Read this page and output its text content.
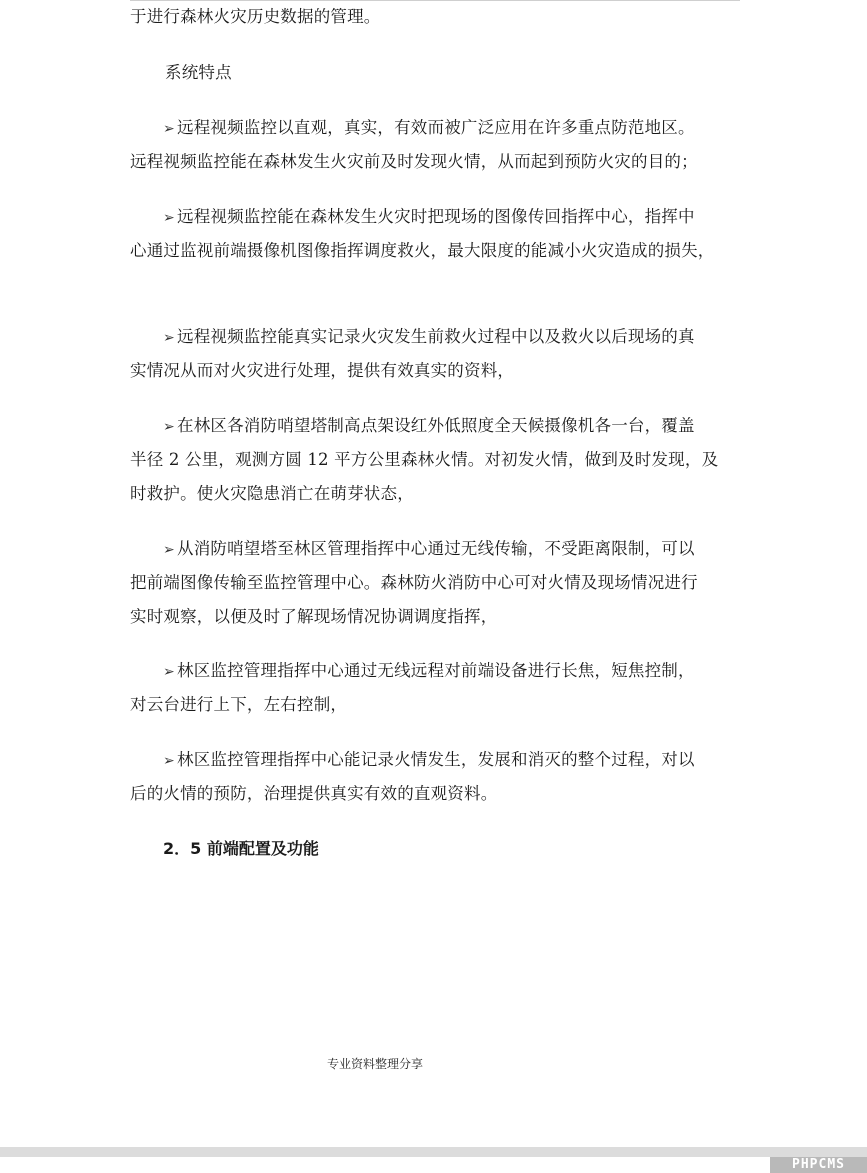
于进行森林火灾历史数据的管理。
系统特点
➢ 远程视频监控以直观，真实，有效而被广泛应用在许多重点防范地区。
远程视频监控能在森林发生火灾前及时发现火情，从而起到预防火灾的目的；
➢ 远程视频监控能在森林发生火灾时把现场的图像传回指挥中心，指挥中
心通过监视前端摄像机图像指挥调度救火，最大限度的能减小火灾造成的损失，
➢ 远程视频监控能真实记录火灾发生前救火过程中以及救火以后现场的真
实情况从而对火灾进行处理，提供有效真实的资料，
➢ 在林区各消防哨望塔制高点架设红外低照度全天候摄像机各一台，覆盖
半径 2 公里，观测方圆 12 平方公里森林火情。对初发火情，做到及时发现，及
时救护。使火灾隐患消亡在萌芽状态，
➢ 从消防哨望塔至林区管理指挥中心通过无线传输，不受距离限制，可以
把前端图像传输至监控管理中心。森林防火消防中心可对火情及现场情况进行
实时观察，以便及时了解现场情况协调调度指挥，
➢ 林区监控管理指挥中心通过无线远程对前端设备进行长焦，短焦控制，
对云台进行上下，左右控制，
➢ 林区监控管理指挥中心能记录火情发生，发展和消灭的整个过程，对以
后的火情的预防，治理提供真实有效的直观资料。
2．5 前端配置及功能
专业资料整理分享
PHPCMS
